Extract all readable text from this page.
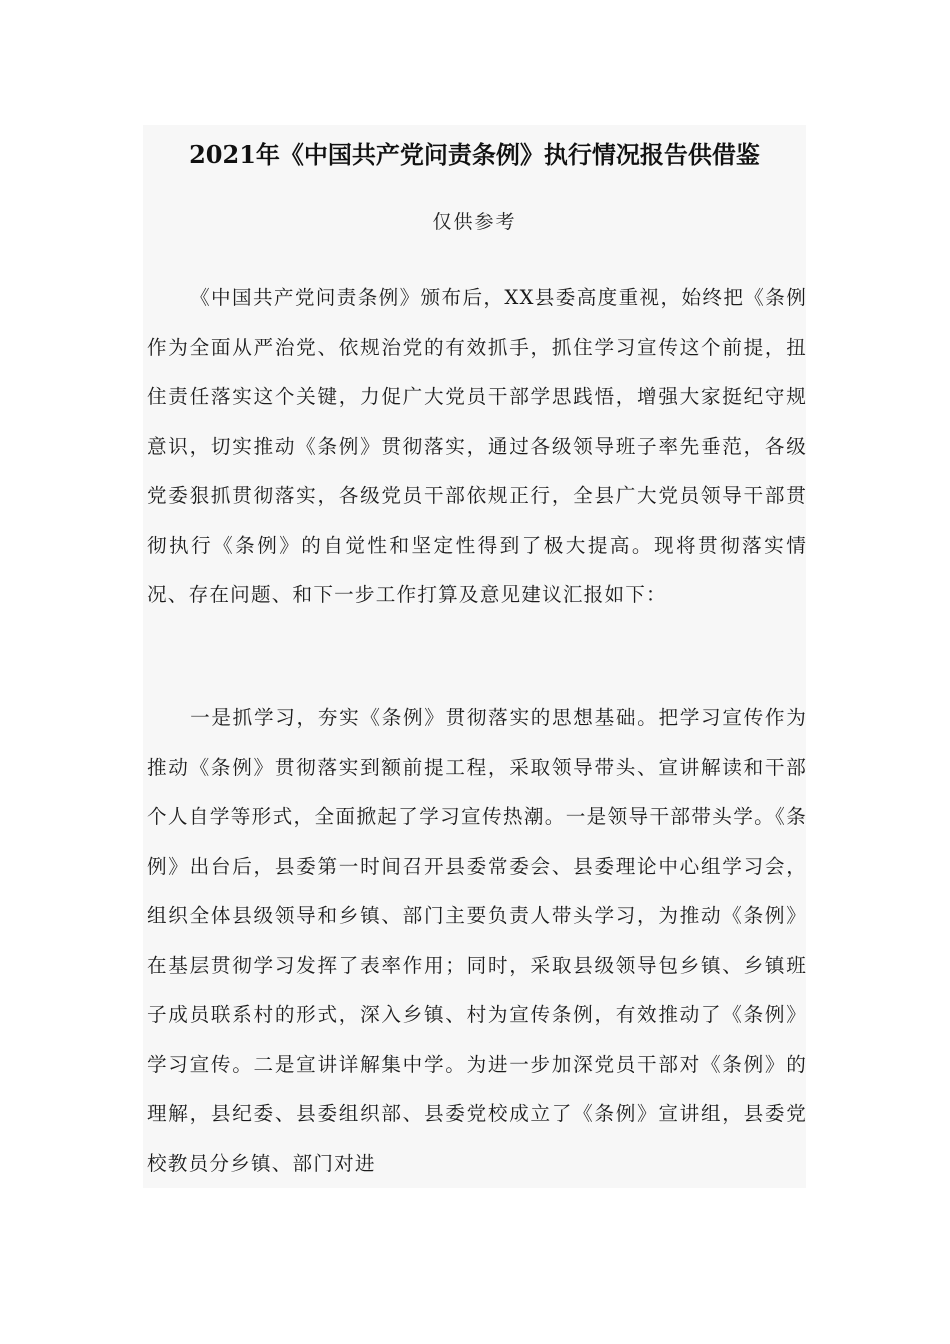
2021年《中国共产党问责条例》执行情况报告供借鉴
仅供参考

《中国共产党问责条例》颁布后，XX县委高度重视，始终把《条例作为全面从严治党、依规治党的有效抓手，抓住学习宣传这个前提，扭住责任落实这个关键，力促广大党员干部学思践悟，增强大家挺纪守规意识，切实推动《条例》贯彻落实，通过各级领导班子率先垂范，各级党委狠抓贯彻落实，各级党员干部依规正行，全县广大党员领导干部贯彻执行《条例》的自觉性和坚定性得到了极大提高。现将贯彻落实情况、存在问题、和下一步工作打算及意见建议汇报如下：

一是抓学习，夯实《条例》贯彻落实的思想基础。把学习宣传作为推动《条例》贯彻落实到额前提工程，采取领导带头、宣讲解读和干部个人自学等形式，全面掀起了学习宣传热潮。一是领导干部带头学。《条例》出台后，县委第一时间召开县委常委会、县委理论中心组学习会，组织全体县级领导和乡镇、部门主要负责人带头学习，为推动《条例》在基层贯彻学习发挥了表率作用；同时，采取县级领导包乡镇、乡镇班子成员联系村的形式，深入乡镇、村为宣传条例，有效推动了《条例》学习宣传。二是宣讲详解集中学。为进一步加深党员干部对《条例》的理解，县纪委、县委组织部、县委党校成立了《条例》宣讲组，县委党校教员分乡镇、部门对进
